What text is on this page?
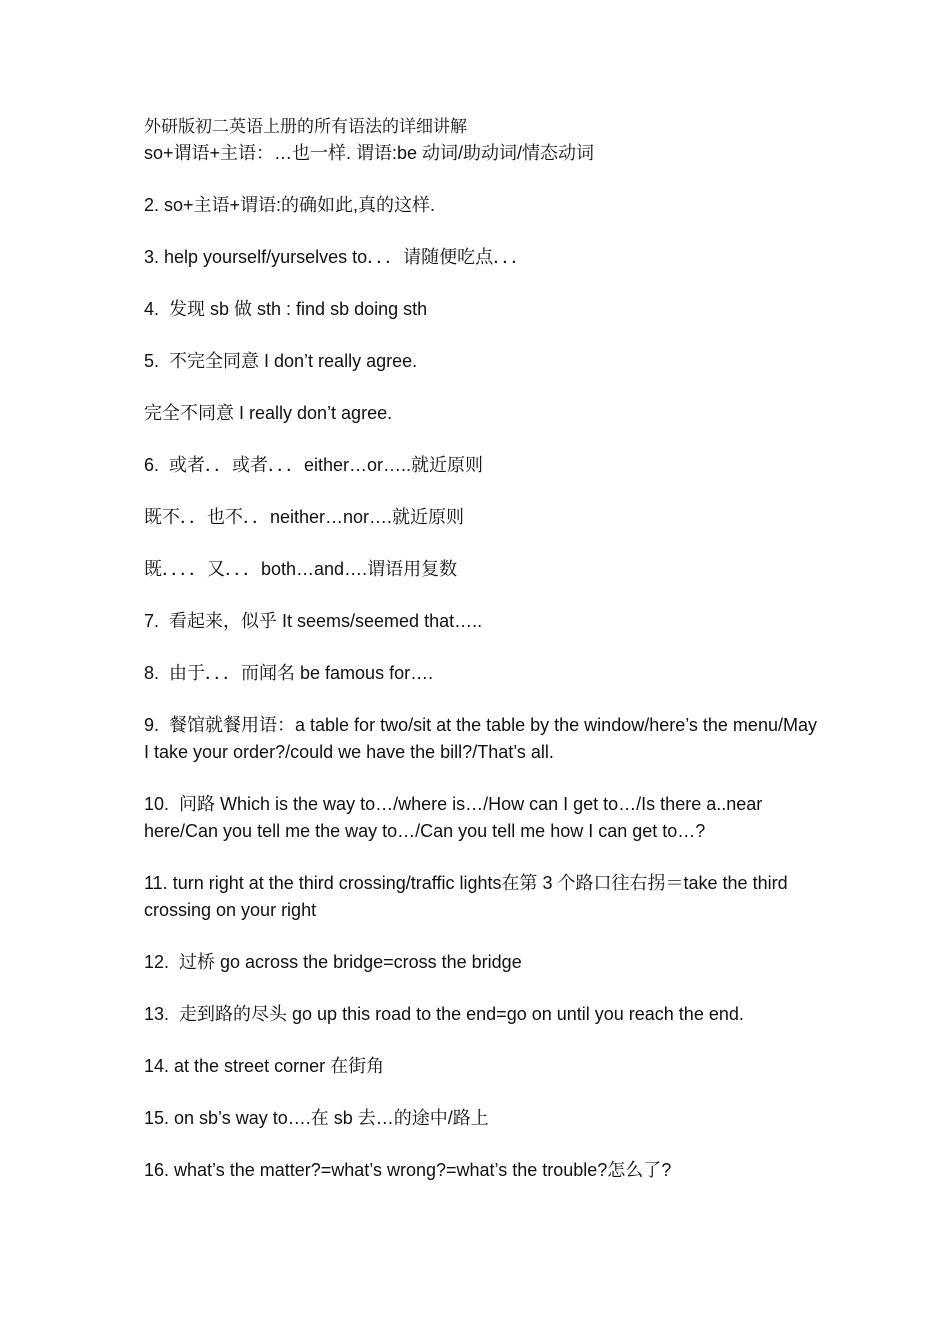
外研版初二英语上册的所有语法的详细讲解

so+谓语+主语：…也一样. 谓语:be 动词/助动词/情态动词

2. so+主语+谓语:的确如此,真的这样.

3. help yourself/yurselves to．．．请随便吃点．．．

4.  发现 sb 做 sth : find sb doing sth

5.  不完全同意 I don’t really agree.

完全不同意 I really don’t agree.

6.  或者．．或者．．．either…or…..就近原则

既不．．也不．．neither…nor….就近原则

既．．．．又．．．both…and….谓语用复数

7.  看起来，似乎 It seems/seemed that…..

8.  由于．．．而闻名 be famous for….

9.  餐馆就餐用语：a table for two/sit at the table by the window/here’s the menu/May I take your order?/could we have the bill?/That’s all.

10.  问路 Which is the way to…/where is…/How can I get to…/Is there a..near here/Can you tell me the way to…/Can you tell me how I can get to…?

11. turn right at the third crossing/traffic lights在第 3 个路口往右拐＝take the third crossing on your right

12.  过桥 go across the bridge=cross the bridge

13.  走到路的尽头 go up this road to the end=go on until you reach the end.

14. at the street corner 在街角

15. on sb’s way to….在 sb 去…的途中/路上

16. what’s the matter?=what’s wrong?=what’s the trouble?怎么了?
